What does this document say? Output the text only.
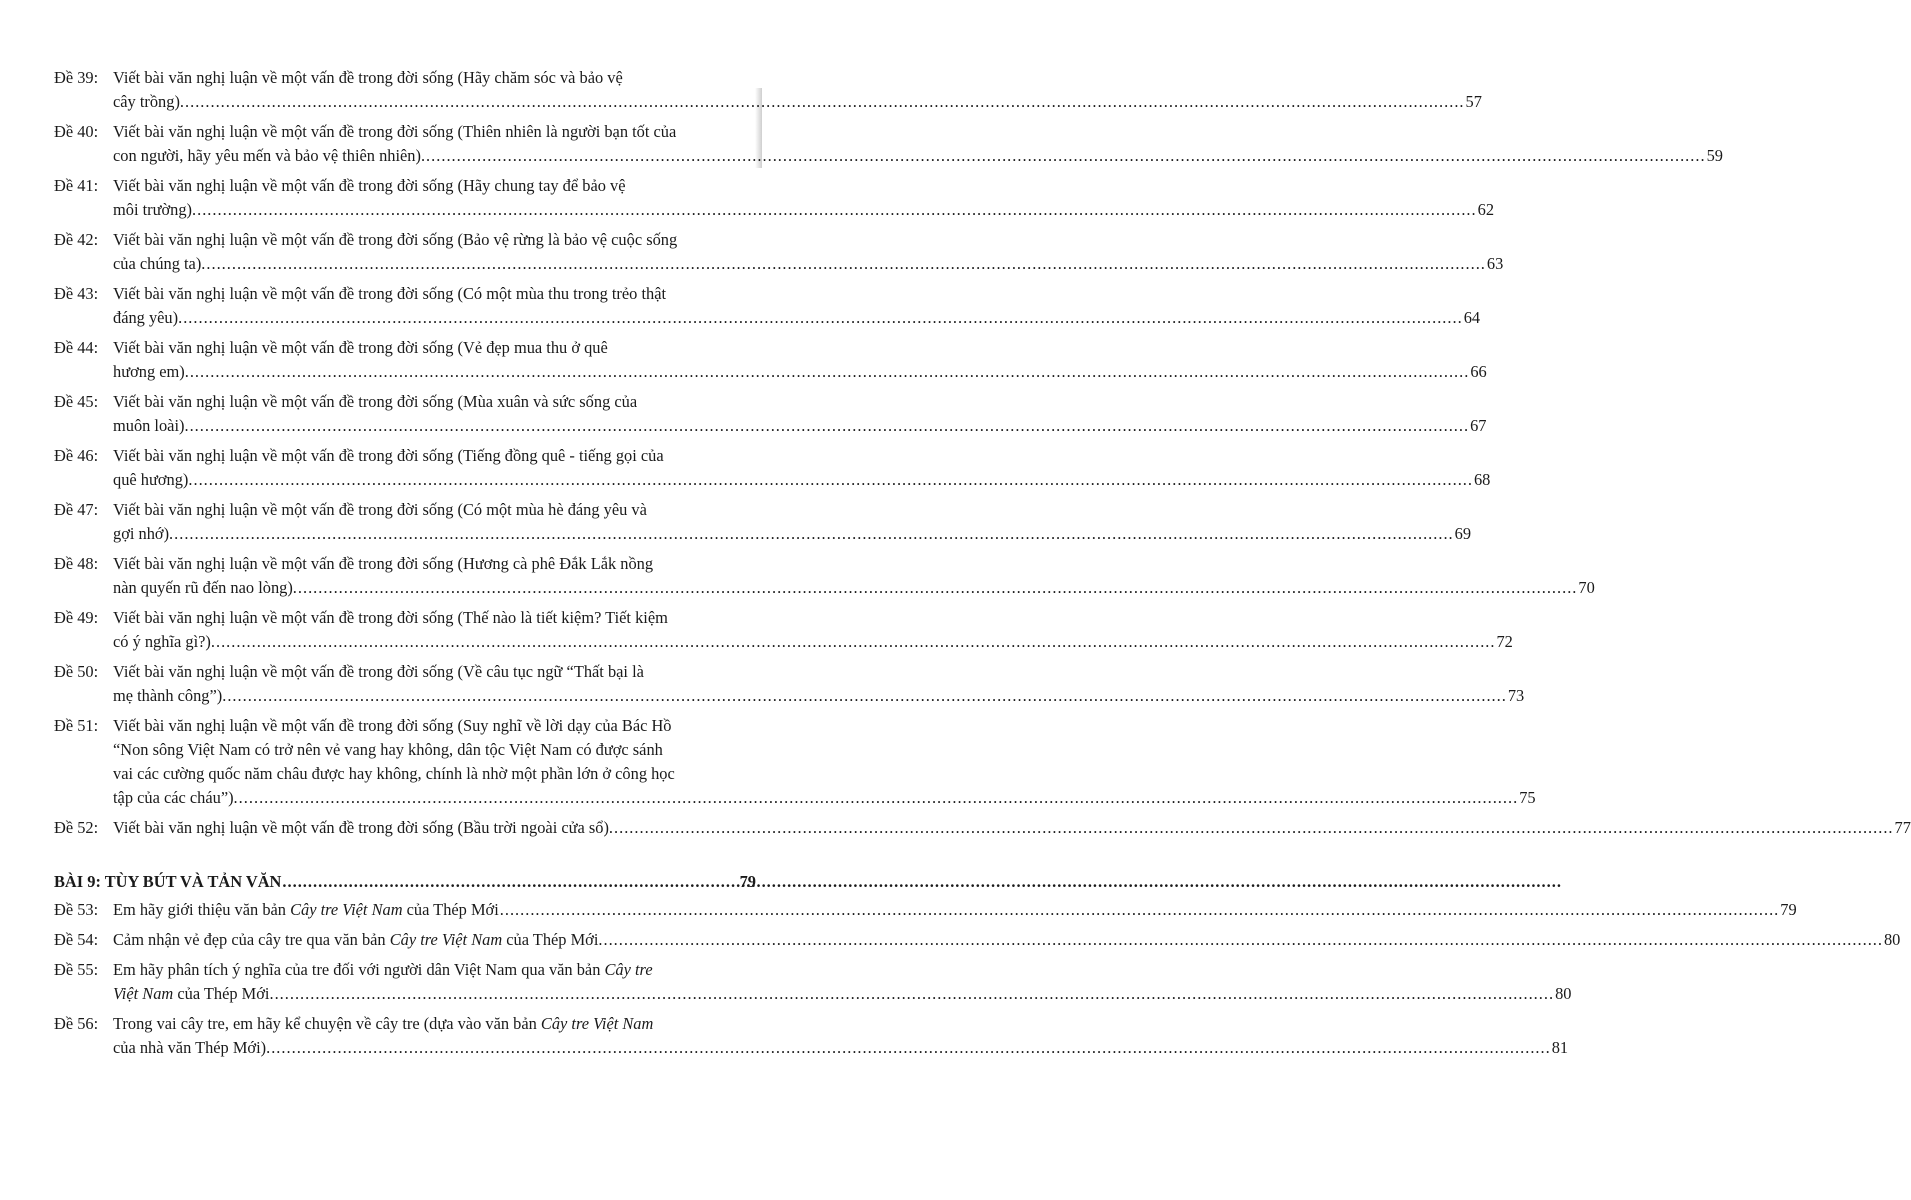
Đề 39: Viết bài văn nghị luận về một vấn đề trong đời sống (Hãy chăm sóc và bảo vệ
cây trồng). .....	57
Đề 40: Viết bài văn nghị luận về một vấn đề trong đời sống (Thiên nhiên là người bạn tốt của
con người, hãy yêu mến và bảo vệ thiên nhiên). .....	59
Đề 41: Viết bài văn nghị luận về một vấn đề trong đời sống (Hãy chung tay để bảo vệ
môi trường). .....	62
Đề 42: Viết bài văn nghị luận về một vấn đề trong đời sống (Bảo vệ rừng là bảo vệ cuộc sống
của chúng ta). .....	63
Đề 43: Viết bài văn nghị luận về một vấn đề trong đời sống (Có một mùa thu trong trẻo thật
đáng yêu). .....	64
Đề 44: Viết bài văn nghị luận về một vấn đề trong đời sống (Vẻ đẹp mua thu ở quê
hương em). .....	66
Đề 45: Viết bài văn nghị luận về một vấn đề trong đời sống (Mùa xuân và sức sống của
muôn loài). .....	67
Đề 46: Viết bài văn nghị luận về một vấn đề trong đời sống (Tiếng đồng quê - tiếng gọi của
quê hương). .....	68
Đề 47: Viết bài văn nghị luận về một vấn đề trong đời sống (Có một mùa hè đáng yêu và
gợi nhớ). .....	69
Đề 48: Viết bài văn nghị luận về một vấn đề trong đời sống (Hương cà phê Đắk Lắk nồng
nàn quyến rũ đến nao lòng). .....	70
Đề 49: Viết bài văn nghị luận về một vấn đề trong đời sống (Thế nào là tiết kiệm? Tiết kiệm
có ý nghĩa gì?). .....	72
Đề 50: Viết bài văn nghị luận về một vấn đề trong đời sống (Về câu tục ngữ “Thất bại là
mẹ thành công”). .....	73
Đề 51: Viết bài văn nghị luận về một vấn đề trong đời sống (Suy nghĩ về lời dạy của Bác Hồ
“Non sông Việt Nam có trở nên vẻ vang hay không, dân tộc Việt Nam có được sánh
vai các cường quốc năm châu được hay không, chính là nhờ một phần lớn ở công học
tập của các cháu”). .....	75
Đề 52: Viết bài văn nghị luận về một vấn đề trong đời sống (Bầu trời ngoài cửa sổ). .....	77
BÀI 9: TÙY BÚT VÀ TẢN VĂN .....	79
Đề 53: Em hãy giới thiệu văn bản Cây tre Việt Nam của Thép Mới .....	79
Đề 54: Cảm nhận vẻ đẹp của cây tre qua văn bản Cây tre Việt Nam của Thép Mới. .....	80
Đề 55: Em hãy phân tích ý nghĩa của tre đối với người dân Việt Nam qua văn bản Cây tre
Việt Nam của Thép Mới. .....	80
Đề 56: Trong vai cây tre, em hãy kể chuyện về cây tre (dựa vào văn bản Cây tre Việt Nam
của nhà văn Thép Mới). .....	81
